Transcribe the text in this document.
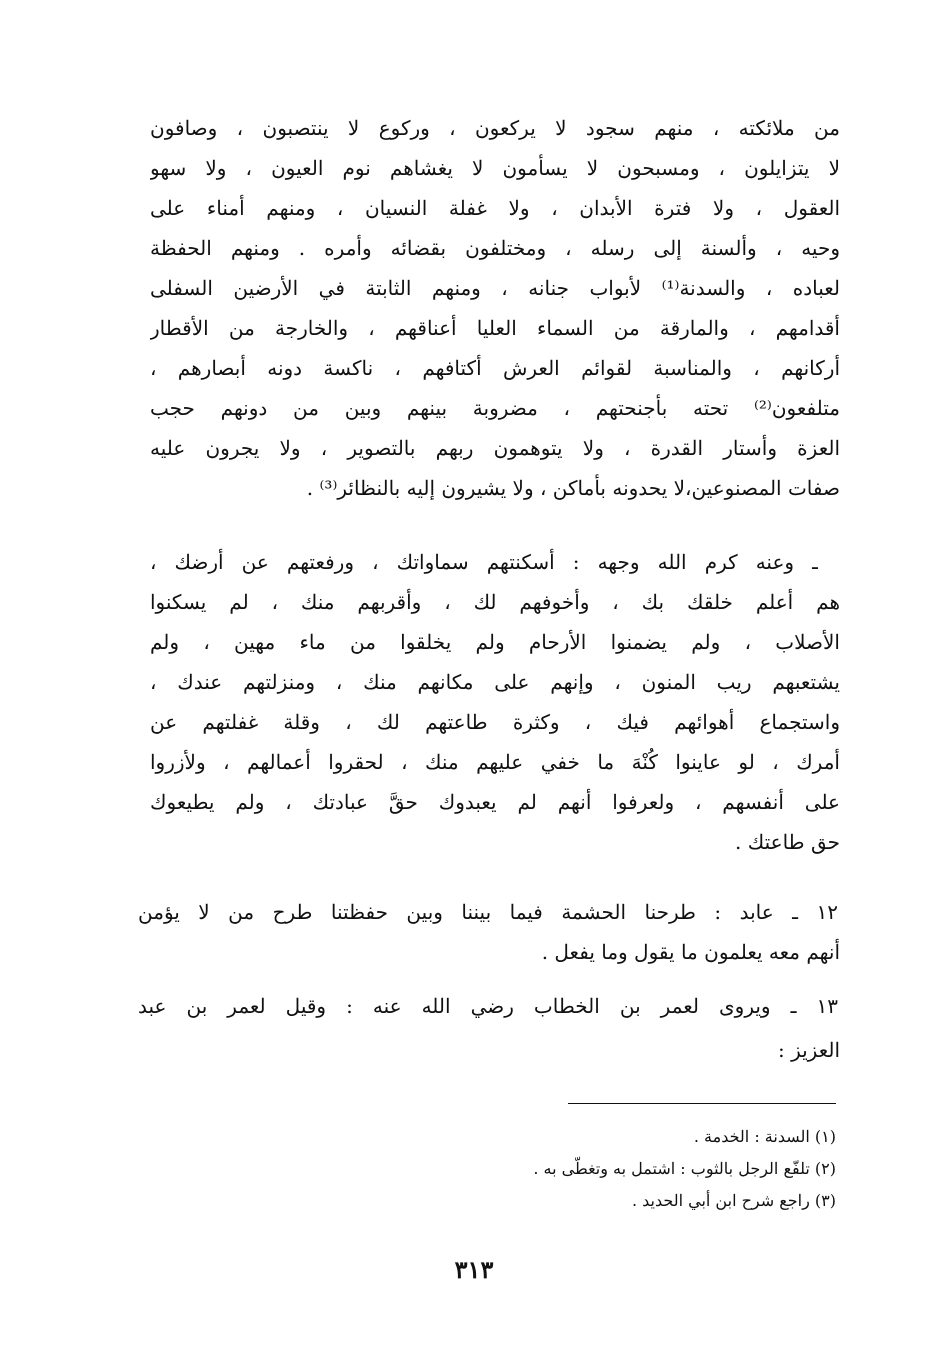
من ملائكته ، منهم سجود لا يركعون ، وركوع لا ينتصبون ، وصافون
لا يتزايلون ، ومسبحون لا يسأمون لا يغشاهم نوم العيون ، ولا سهو
العقول ، ولا فترة الأبدان ، ولا غفلة النسيان ، ومنهم أمناء على
وحيه ، وألسنة إلى رسله ، ومختلفون بقضائه وأمره . ومنهم الحفظة
لعباده ، والسدنة⁽¹⁾ لأبواب جنانه ، ومنهم الثابتة في الأرضين السفلى
أقدامهم ، والمارقة من السماء العليا أعناقهم ، والخارجة من الأقطار
أركانهم ، والمناسبة لقوائم العرش أكتافهم ، ناكسة دونه أبصارهم ،
متلفعون⁽²⁾ تحته بأجنحتهم ، مضروبة بينهم وبين من دونهم حجب
العزة وأستار القدرة ، ولا يتوهمون ربهم بالتصوير ، ولا يجرون عليه
صفات المصنوعين،لا يحدونه بأماكن ، ولا يشيرون إليه بالنظائر⁽³⁾ .
ـ وعنه كرم الله وجهه : أسكنتهم سماواتك ، ورفعتهم عن أرضك ،
هم أعلم خلقك بك ، وأخوفهم لك ، وأقربهم منك ، لم يسكنوا
الأصلاب ، ولم يضمنوا الأرحام ولم يخلقوا من ماء مهين ، ولم
يشتعبهم ريب المنون ، وإنهم على مكانهم منك ، ومنزلتهم عندك ،
واستجماع أهوائهم فيك ، وكثرة طاعتهم لك ، وقلة غفلتهم عن
أمرك ، لو عاينوا كُنْهَ ما خفي عليهم منك ، لحقروا أعمالهم ، ولأزروا
على أنفسهم ، ولعرفوا أنهم لم يعبدوك حقَّ عبادتك ، ولم يطيعوك
حق طاعتك .
١٢ ـ عابد : طرحنا الحشمة فيما بيننا وبين حفظتنا طرح من لا يؤمن
أنهم معه يعلمون ما يقول وما يفعل .
١٣ ـ ويروى لعمر بن الخطاب رضي الله عنه : وقيل لعمر بن عبد
العزيز :
(١) السدنة : الخدمة .
(٢) تلفّع الرجل بالثوب : اشتمل به وتغطّى به .
(٣) راجع شرح ابن أبي الحديد .
٣١٣
